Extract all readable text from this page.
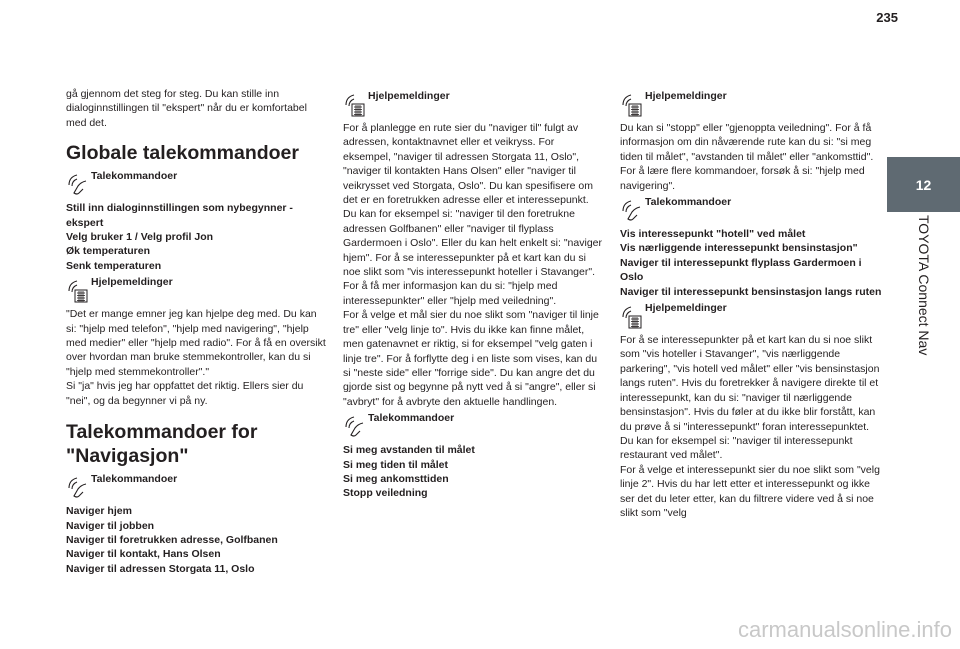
235
12
TOYOTA Connect Nav

gå gjennom det steg for steg. Du kan stille inn dialoginnstillingen til "ekspert" når du er komfortabel med det.

Globale talekommandoer
Talekommandoer

Still inn dialoginnstillingen som nybegynner - ekspert
Velg bruker 1 / Velg profil Jon
Øk temperaturen
Senk temperaturen

Hjelpemeldinger

"Det er mange emner jeg kan hjelpe deg med. Du kan si: "hjelp med telefon", "hjelp med navigering", "hjelp med medier" eller "hjelp med radio". For å få en oversikt over hvordan man bruke stemmekontroller, kan du si "hjelp med stemmekontroller"."
Si "ja" hvis jeg har oppfattet det riktig. Ellers sier du "nei", og da begynner vi på ny.

Talekommandoer for "Navigasjon"
Talekommandoer

Naviger hjem
Naviger til jobben
Naviger til foretrukken adresse, Golfbanen
Naviger til kontakt, Hans Olsen
Naviger til adressen Storgata 11, Oslo

Hjelpemeldinger

For å planlegge en rute sier du "naviger til" fulgt av adressen, kontaktnavnet eller et veikryss. For eksempel, "naviger til adressen Storgata 11, Oslo", "naviger til kontakten Hans Olsen" eller "naviger til veikrysset ved Storgata, Oslo". Du kan spesifisere om det er en foretrukken adresse eller et interessepunkt. Du kan for eksempel si: "naviger til den foretrukne adressen Golfbanen" eller "naviger til flyplass Gardermoen i Oslo". Eller du kan helt enkelt si: "naviger hjem". For å se interessepunkter på et kart kan du si noe slikt som "vis interessepunkt hoteller i Stavanger". For å få mer informasjon kan du si: "hjelp med interessepunkter" eller "hjelp med veiledning".
For å velge et mål sier du noe slikt som "naviger til linje tre" eller "velg linje to". Hvis du ikke kan finne målet, men gatenavnet er riktig, si for eksempel "velg gaten i linje tre". For å forflytte deg i en liste som vises, kan du si "neste side" eller "forrige side". Du kan angre det du gjorde sist og begynne på nytt ved å si "angre", eller si "avbryt" for å avbryte den aktuelle handlingen.

Talekommandoer

Si meg avstanden til målet
Si meg tiden til målet
Si meg ankomsttiden
Stopp veiledning

Hjelpemeldinger

Du kan si "stopp" eller "gjenoppta veiledning". For å få informasjon om din nåværende rute kan du si: "si meg tiden til målet", "avstanden til målet" eller "ankomsttid". For å lære flere kommandoer, forsøk å si: "hjelp med navigering".

Talekommandoer

Vis interessepunkt "hotell" ved målet
Vis nærliggende interessepunkt bensinstasjon"
Naviger til interessepunkt flyplass Gardermoen i Oslo
Naviger til interessepunkt bensinstasjon langs ruten

Hjelpemeldinger

For å se interessepunkter på et kart kan du si noe slikt som "vis hoteller i Stavanger", "vis nærliggende parkering", "vis hotell ved målet" eller "vis bensinstasjon langs ruten". Hvis du foretrekker å navigere direkte til et interessepunkt, kan du si: "naviger til nærliggende bensinstasjon". Hvis du føler at du ikke blir forstått, kan du prøve å si "interessepunkt" foran interessepunktet. Du kan for eksempel si: "naviger til interessepunkt restaurant ved målet".
For å velge et interessepunkt sier du noe slikt som "velg linje 2". Hvis du har lett etter et interessepunkt og ikke ser det du leter etter, kan du filtrere videre ved å si noe slikt som "velg

carmanualsonline.info
